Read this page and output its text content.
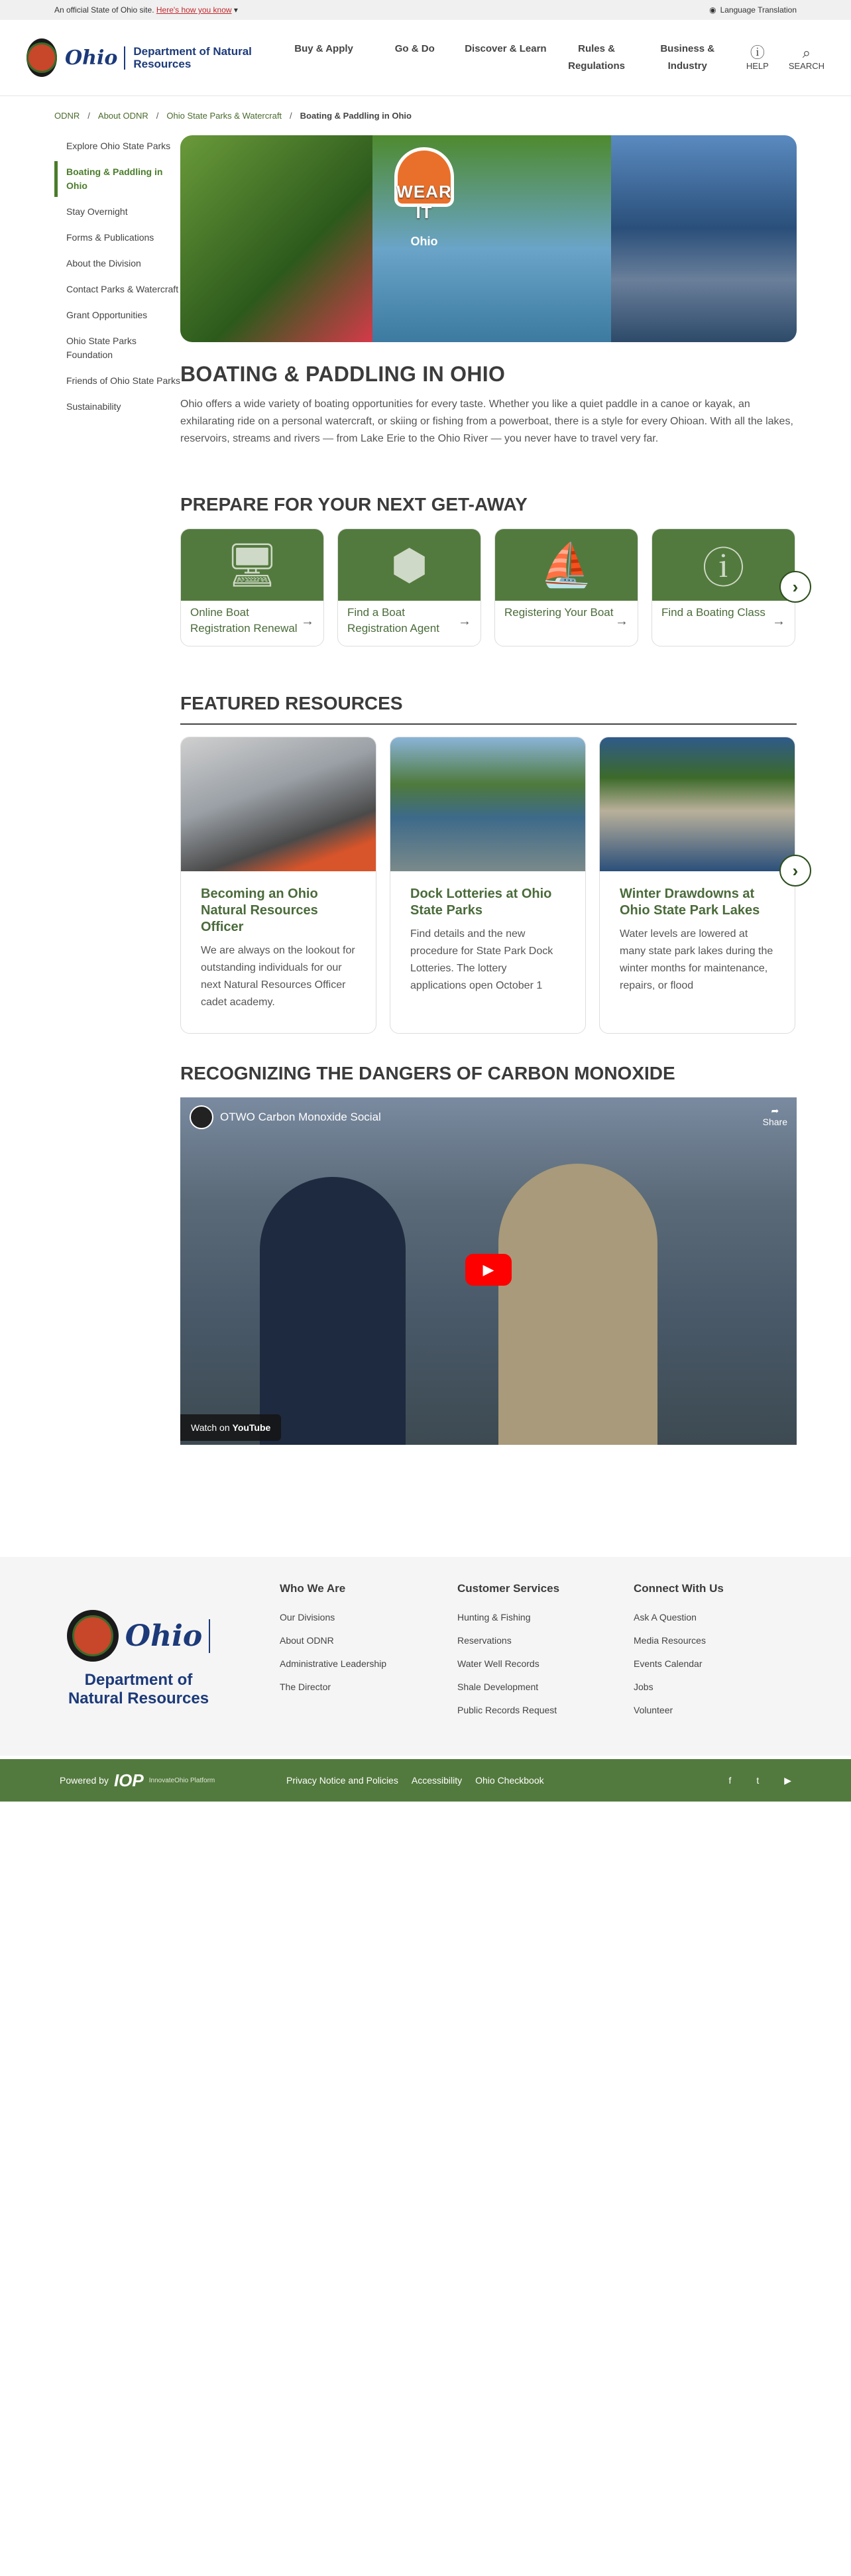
An official State of Ohio site. Here's how you know ▾	◉ Language Translation
Ohio	Department of Natural Resources
Buy & Apply	Go & Do	Discover & Learn	Rules & Regulations
Business & Industry
ⓘ
HELP
⌕
SEARCH
ODNR / About ODNR / Ohio State Parks & Watercraft / Boating & Paddling in Ohio
Explore Ohio State Parks
Boating & Paddling in Ohio
Stay Overnight
Forms & Publications
About the Division
Contact Parks & Watercraft
Grant Opportunities
Ohio State Parks Foundation
Friends of Ohio State Parks
Sustainability
WEAR IT
Ohio
BOATING & PADDLING IN OHIO

Ohio offers a wide variety of boating opportunities for every taste. Whether you like a quiet paddle in a canoe or kayak, an exhilarating ride on a personal watercraft, or skiing or fishing from a powerboat, there is a style for every Ohioan. With all the lakes, reservoirs, streams and rivers — from Lake Erie to the Ohio River — you never have to travel very far.

PREPARE FOR YOUR NEXT GET-AWAY
🖥
Online Boat Registration Renewal →
⬢
Find a Boat Registration Agent	→
⛵
Registering Your Boat
→
ⓘ
Find a Boating Class
→
›
FEATURED RESOURCES
Becoming an Ohio Natural Resources Officer
We are always on the lookout for outstanding individuals for our next Natural Resources Officer cadet academy.
Dock Lotteries at Ohio State Parks
Find details and the new procedure for State Park Dock Lotteries. The lottery applications open October 1
Winter Drawdowns at Ohio State Park Lakes
Water levels are lowered at many state park lakes during the winter months for maintenance, repairs, or flood
›
RECOGNIZING THE DANGERS OF CARBON MONOXIDE
OTWO Carbon Monoxide Social	➦
Share
▶
Watch on YouTube
Ohio
Department of Natural Resources
Who We Are
Our Divisions
About ODNR
Administrative Leadership
The Director
Customer Services
Hunting & Fishing
Reservations
Water Well Records
Shale Development
Public Records Request
Connect With Us
Ask A Question
Media Resources
Events Calendar
Jobs
Volunteer
Powered by IOP InnovateOhio Platform	Privacy Notice and Policies Accessibility Ohio Checkbook	f	t	▶
